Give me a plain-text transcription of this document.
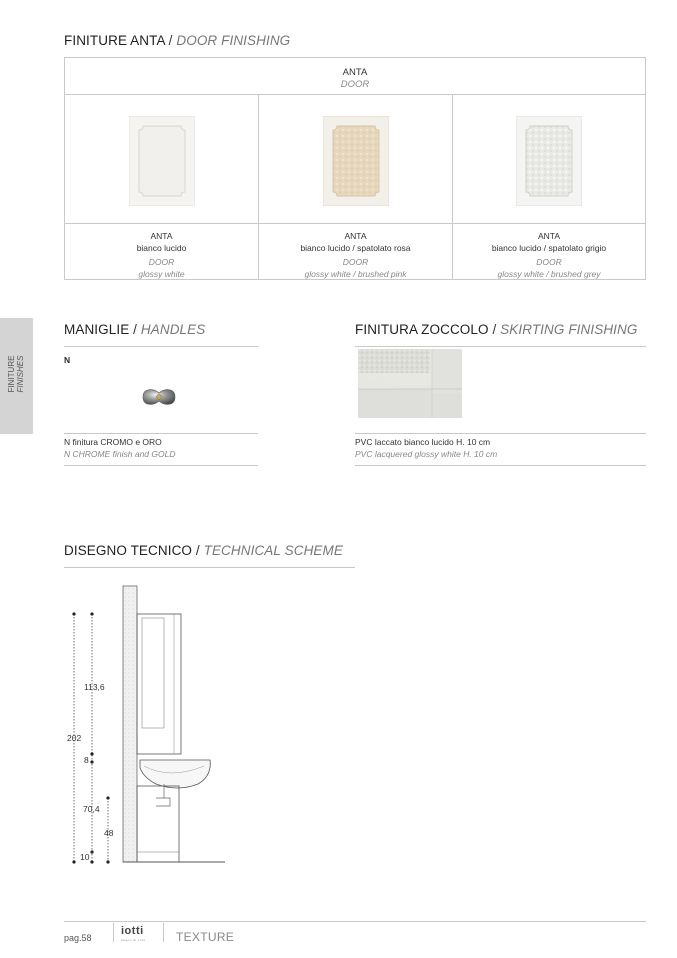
FINITURE ANTA / DOOR FINISHING
ANTA
DOOR
ANTA
bianco lucido
DOOR
glossy white
ANTA
bianco lucido / spatolato rosa
DOOR
glossy white / brushed pink
ANTA
bianco lucido / spatolato grigio
DOOR
glossy white / brushed grey
FINITURE FINISHES
MANIGLIE / HANDLES
N
N finitura CROMO e ORO
N CHROME finish and GOLD
FINITURA ZOCCOLO / SKIRTING FINISHING
PVC laccato bianco lucido H. 10 cm
PVC lacquered glossy white H. 10 cm
DISEGNO TECNICO / TECHNICAL SCHEME
202
113,6
8
70,4
48
10
pag.58
iotti
bagno di stile	TEXTURE
